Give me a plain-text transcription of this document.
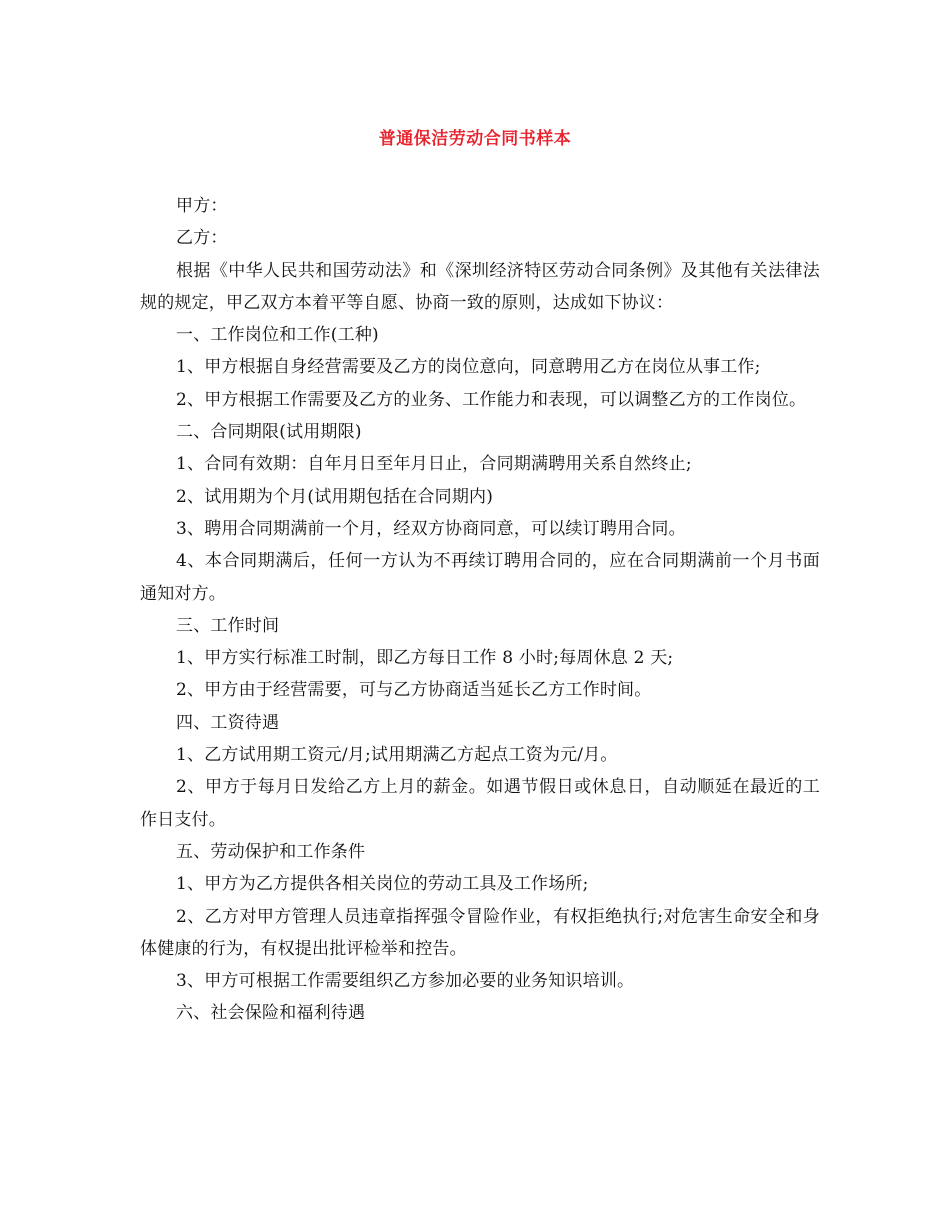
普通保洁劳动合同书样本

甲方：

乙方：

根据《中华人民共和国劳动法》和《深圳经济特区劳动合同条例》及其他有关法律法规的规定，甲乙双方本着平等自愿、协商一致的原则，达成如下协议：

一、工作岗位和工作(工种)

1、甲方根据自身经营需要及乙方的岗位意向，同意聘用乙方在岗位从事工作;

2、甲方根据工作需要及乙方的业务、工作能力和表现，可以调整乙方的工作岗位。

二、合同期限(试用期限)

1、合同有效期：自年月日至年月日止，合同期满聘用关系自然终止;

2、试用期为个月(试用期包括在合同期内)

3、聘用合同期满前一个月，经双方协商同意，可以续订聘用合同。

4、本合同期满后，任何一方认为不再续订聘用合同的，应在合同期满前一个月书面通知对方。

三、工作时间

1、甲方实行标准工时制，即乙方每日工作 8 小时;每周休息 2 天;

2、甲方由于经营需要，可与乙方协商适当延长乙方工作时间。

四、工资待遇

1、乙方试用期工资元/月;试用期满乙方起点工资为元/月。

2、甲方于每月日发给乙方上月的薪金。如遇节假日或休息日，自动顺延在最近的工作日支付。

五、劳动保护和工作条件

1、甲方为乙方提供各相关岗位的劳动工具及工作场所;

2、乙方对甲方管理人员违章指挥强令冒险作业，有权拒绝执行;对危害生命安全和身体健康的行为，有权提出批评检举和控告。

3、甲方可根据工作需要组织乙方参加必要的业务知识培训。

六、社会保险和福利待遇
